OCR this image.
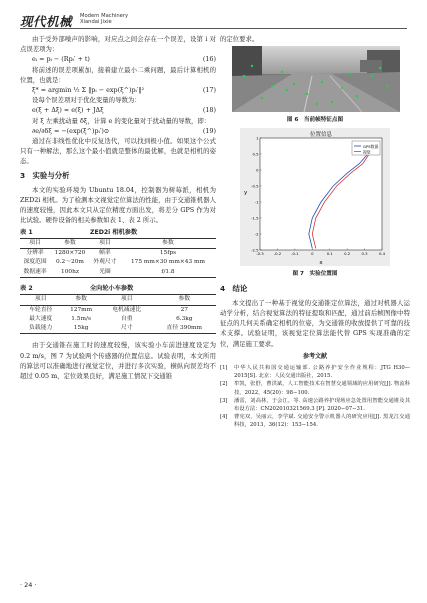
现代机械 Modern Machinery
Xiandai Jixie

由于受外部噪声的影响，对应点之间会存在一个误差，设第 i 对点误差项为：

eᵢ = pᵢ − (Rpᵢ′ + t)	(16)

将前述的误差项累加，接着建立最小二乘问题，最后计算相机的位置，也就是：

ξ* = argmin ½ Σ ‖pᵢ − exp(ξ^)pᵢ′‖²	(17)

设每个误差项对于优化变量的导数为：

e(ξ + Δξ) ≈ e(ξ) + JΔξ	(18)

对 ξ 左乘扰动量 δξ，计算 e 的变化量对于扰动量的导数，即：

∂e/∂δξ = −(exp(ξ^)pᵢ′)⊙	(19)

通过在非线性优化中反复迭代，可以找到极小值。如果这个公式只有一种解法，那么这个最小值就是整体的最优解，也就是相机的姿态。

3　实验与分析

本文的实验环境为 Ubuntu 18.04，控制器为树莓派，相机为 ZED2i 相机。为了检测本文视觉定位算法的性能，由于交通锥机器人的速度较慢，因此本文只从定位精度方面出发，将差分 GPS 作为对比试验。硬件设备的相关参数如表 1、表 2 所示。

表 1	ZED2i 相机参数
项目	参数	项目	参数
分辨率	1280×720	帧率	15fps
深度范围	0.2～20m	外观尺寸	175 mm×30 mm×43 mm
数据速率	100hz	光圈	f/1.8
表 2	全向轮小车参数
项目	参数	项目	参数
车轮直径	127mm	电机减速比	27
最大速度	1.5m/s	自重	6.3kg
负载能力	15kg	尺寸	直径 390mm

由于交通锥在施工时的速度较慢，该实验小车前进速度设定为 0.2 m/s，图 7 为试验两个传感器的位置信息。试验表明，本文所用的算法可以准确地进行视觉定位，并进行多次实验，横纵向误差均不超过 0.05 m，定位效果良好，满足施工情况下交通锥

的定位要求。

图 6　当前帧特征点图
位置信息
y
x
-0.3	-0.2	-0.1	0	0.1	0.2	0.3	0.4
-2.5
-2
-1.5
-1
-0.5
0
0.5
1
GPS数据
视觉
图 7　实验位置图
4　结论

本文提出了一种基于视觉的交通锥定位算法，通过对机器人运动学分析，结合视觉算法的特征提取和匹配，通过前后帧图像中特征点的几何关系确定相机的位姿，为交通锥的收放提供了可靠的技术支撑。试验证明，该视觉定位算法能代替 GPS 实现准确的定位，满足施工要求。

参考文献
[1]	中华人民共和国交通运输部. 公路养护安全作业规程：JTG H30—2015[S]. 北京：人民交通出版社，2015.
[2]	牟凯，张舒，曹洪斌，人工智能技术在智慧交通领域的应用研究[J]. 物流科技，2022，45(20)：98−100.
[3]	潘雷，刘高林，于会江，等. 高速公路养护现场应急处置用智能交通锥及其布设方法：CN202010321569.3 [P]. 2020−07−31.
[4]	曹宪双，吴丽云，李学斌. 交通安全警示机器人的研究应用[J]. 黑龙江交通科技，2013，36(12)：153−154.
· 24 ·
